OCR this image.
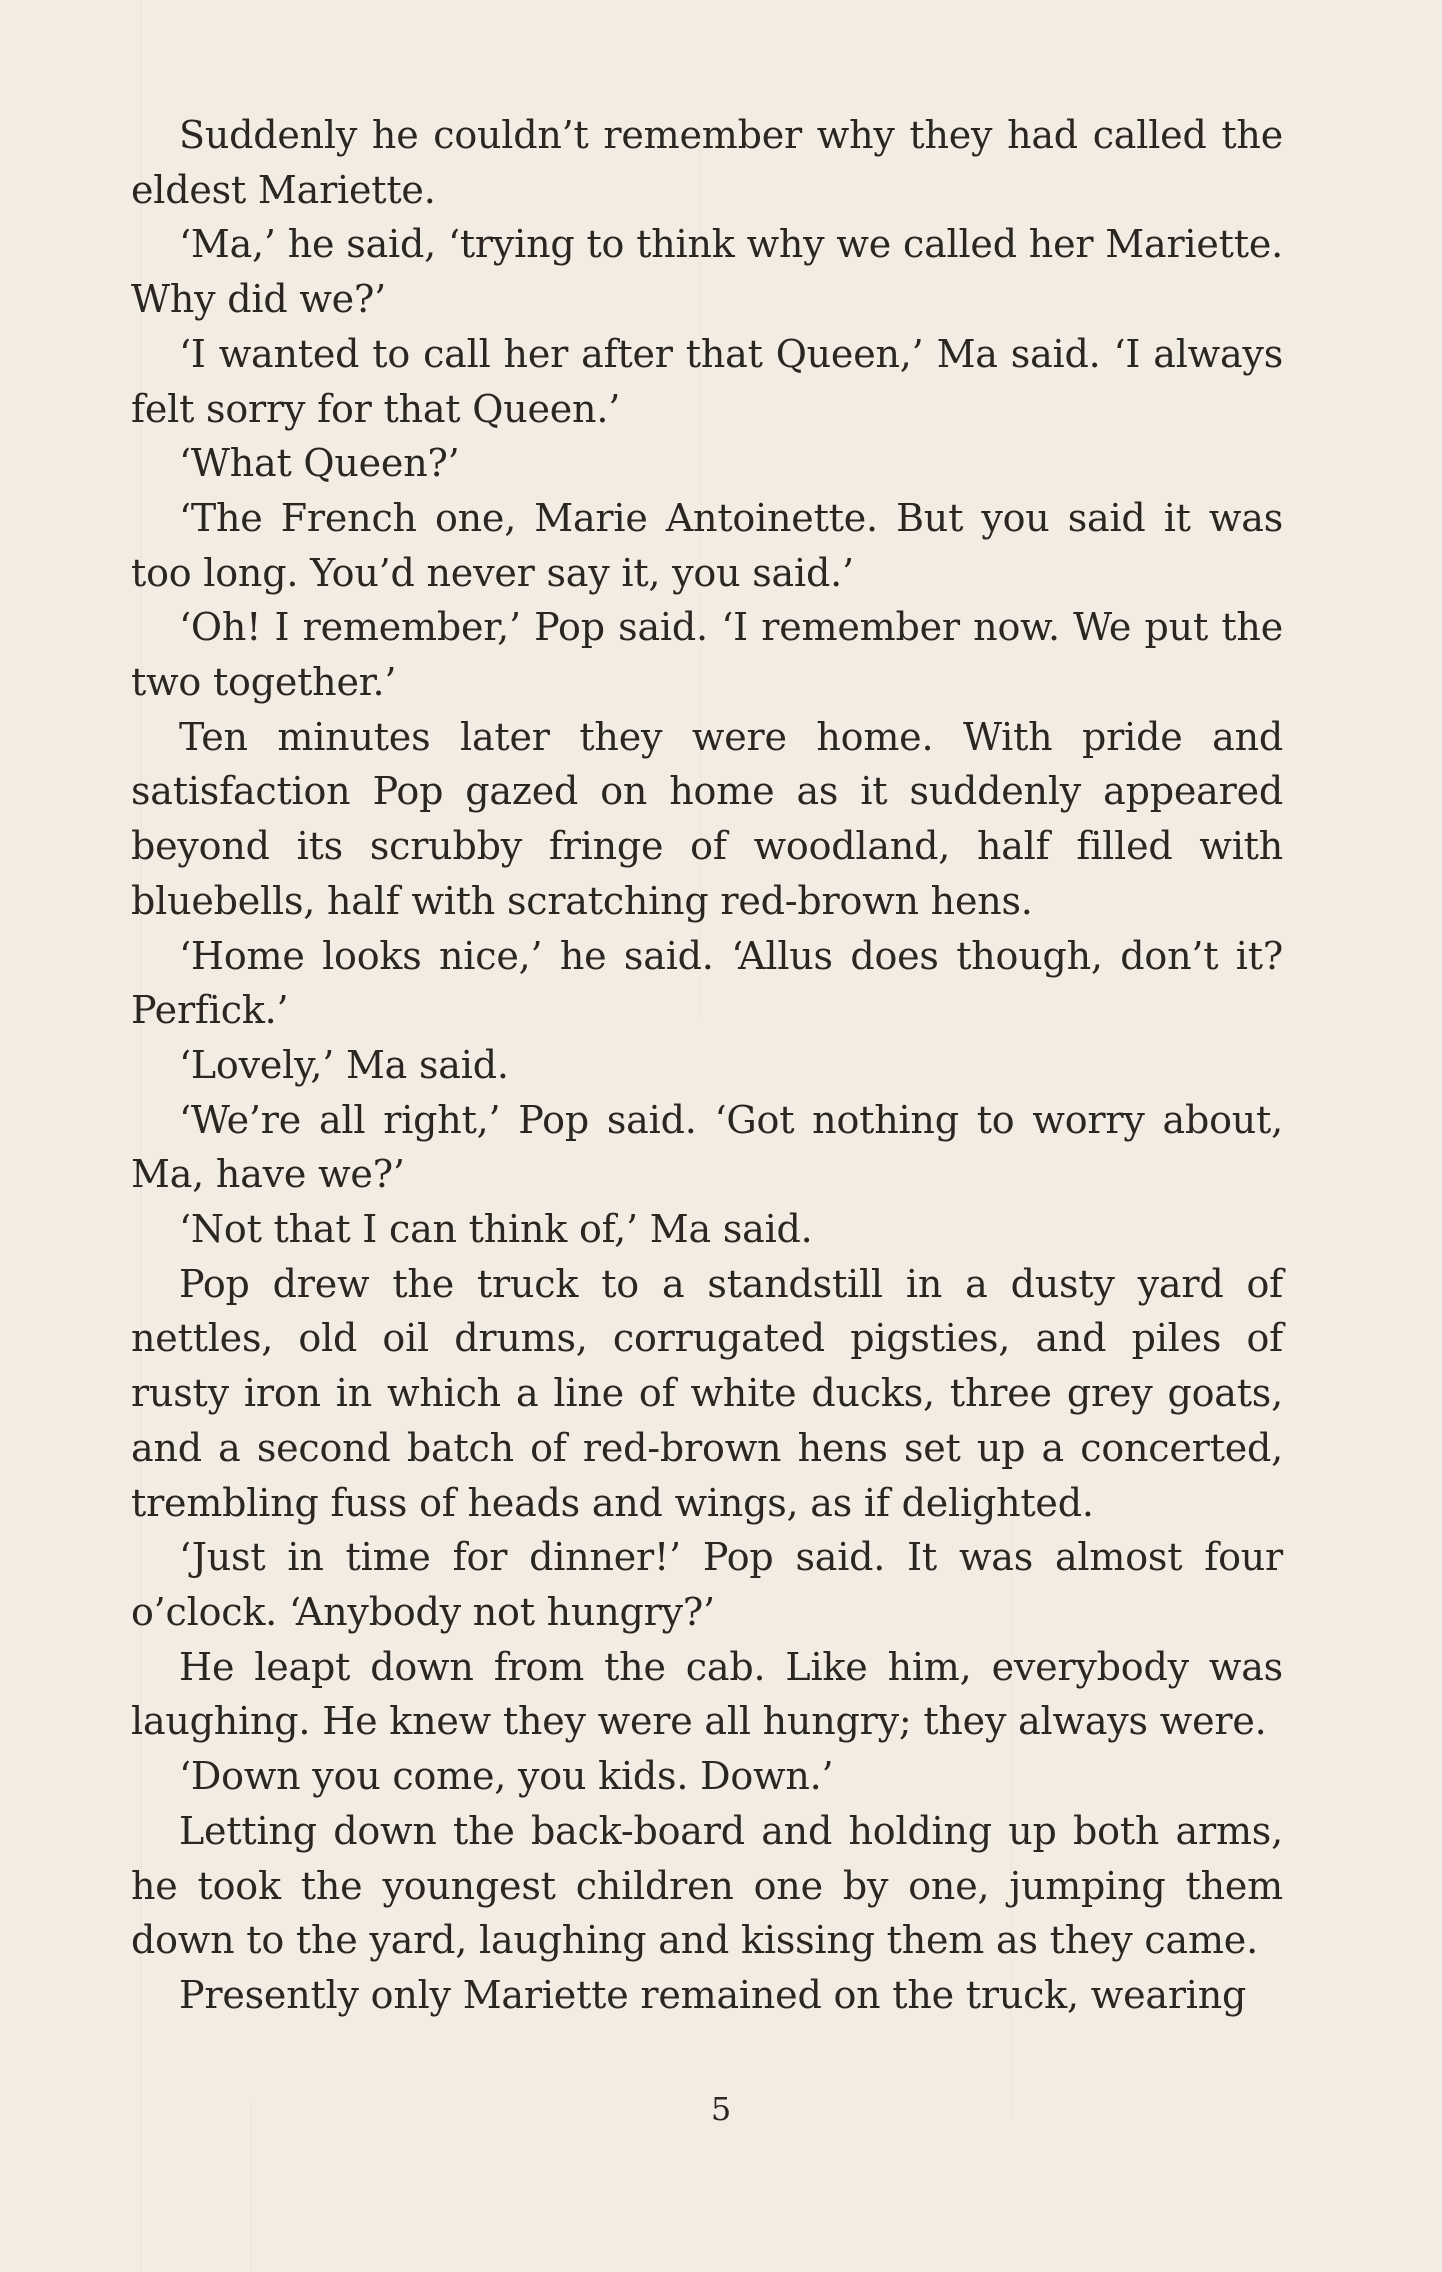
Suddenly he couldn’t remember why they had called the eldest Mariette.

‘Ma,’ he said, ‘trying to think why we called her Mariette. Why did we?’

‘I wanted to call her after that Queen,’ Ma said. ‘I always felt sorry for that Queen.’

‘What Queen?’

‘The French one, Marie Antoinette. But you said it was too long. You’d never say it, you said.’

‘Oh! I remember,’ Pop said. ‘I remember now. We put the two together.’

Ten minutes later they were home. With pride and satisfaction Pop gazed on home as it suddenly appeared beyond its scrubby fringe of woodland, half filled with bluebells, half with scratching red-brown hens.

‘Home looks nice,’ he said. ‘Allus does though, don’t it? Perfick.’

‘Lovely,’ Ma said.

‘We’re all right,’ Pop said. ‘Got nothing to worry about, Ma, have we?’

‘Not that I can think of,’ Ma said.

Pop drew the truck to a standstill in a dusty yard of nettles, old oil drums, corrugated pigsties, and piles of rusty iron in which a line of white ducks, three grey goats, and a second batch of red-brown hens set up a concerted, trembling fuss of heads and wings, as if delighted.

‘Just in time for dinner!’ Pop said. It was almost four o’clock. ‘Anybody not hungry?’

He leapt down from the cab. Like him, everybody was laughing. He knew they were all hungry; they always were.

‘Down you come, you kids. Down.’

Letting down the back-board and holding up both arms, he took the youngest children one by one, jumping them down to the yard, laughing and kissing them as they came.

Presently only Mariette remained on the truck, wearing

5
